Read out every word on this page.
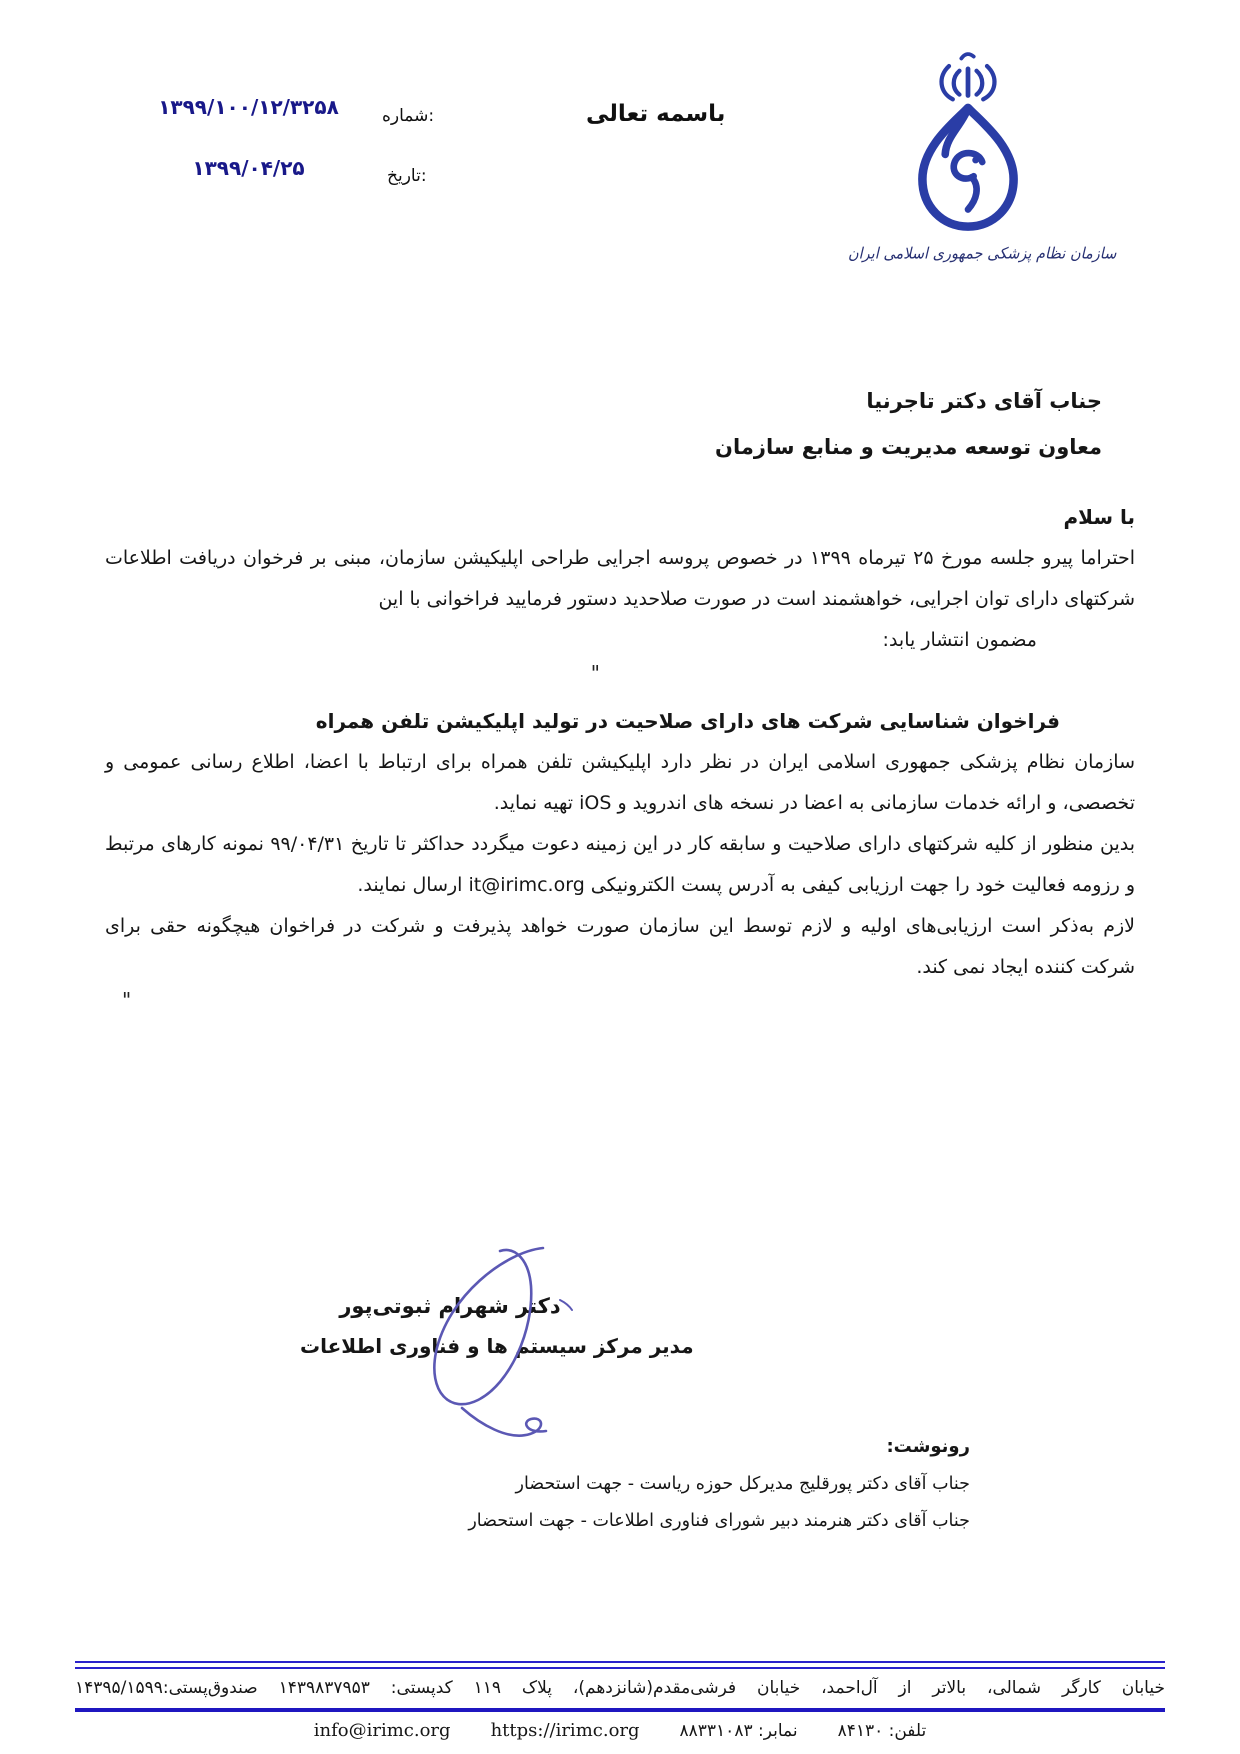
باسمه تعالی
شماره:
۱۳۹۹/۱۰۰/۱۲/۳۲۵۸
تاریخ:
۱۳۹۹/۰۴/۲۵
سازمان نظام پزشکی جمهوری اسلامی ایران
جناب آقای دکتر تاجرنیا
معاون توسعه مدیریت و منابع سازمان
با سلام

احتراما پیرو جلسه مورخ ۲۵ تیرماه ۱۳۹۹ در خصوص پروسه اجرایی طراحی اپلیکیشن سازمان، مبنی بر فرخوان دریافت اطلاعات شرکتهای دارای توان اجرایی، خواهشمند است در صورت صلاحدید دستور فرمایید فراخوانی با این

مضمون انتشار یابد:

"
فراخوان شناسایی شرکت های دارای صلاحیت در تولید اپلیکیشن تلفن همراه

سازمان نظام پزشکی جمهوری اسلامی ایران در نظر دارد اپلیکیشن تلفن همراه برای ارتباط با اعضا، اطلاع رسانی عمومی و تخصصی، و ارائه خدمات سازمانی به اعضا در نسخه های اندروید و iOS تهیه نماید.

بدین منظور از کلیه شرکتهای دارای صلاحیت و سابقه کار در این زمینه دعوت میگردد حداکثر تا تاریخ ۹۹/۰۴/۳۱ نمونه کارهای مرتبط و رزومه فعالیت خود را جهت ارزیابی کیفی به آدرس پست الکترونیکی it@irimc.org ارسال نمایند.

لازم به‌ذکر است ارزیابی‌های اولیه و لازم توسط این سازمان صورت خواهد پذیرفت و شرکت در فراخوان هیچگونه حقی برای شرکت کننده ایجاد نمی کند.

"
دکتر شهرام ثبوتی‌پور
مدیر مرکز سیستم ها و فناوری اطلاعات
رونوشت:
جناب آقای دکتر پورقلیج مدیرکل حوزه ریاست - جهت استحضار
جناب آقای دکتر هنرمند دبیر شورای فناوری اطلاعات - جهت استحضار
خیابان کارگر شمالی، بالاتر از آل‌احمد، خیابان فرشی‌مقدم(شانزدهم)، پلاک ۱۱۹ کدپستی: ۱۴۳۹۸۳۷۹۵۳ صندوق‌پستی:۱۴۳۹۵/۱۵۹۹
تلفن: ۸۴۱۳۰
نمابر: ۸۸۳۳۱۰۸۳
https://irimc.org
info@irimc.org
